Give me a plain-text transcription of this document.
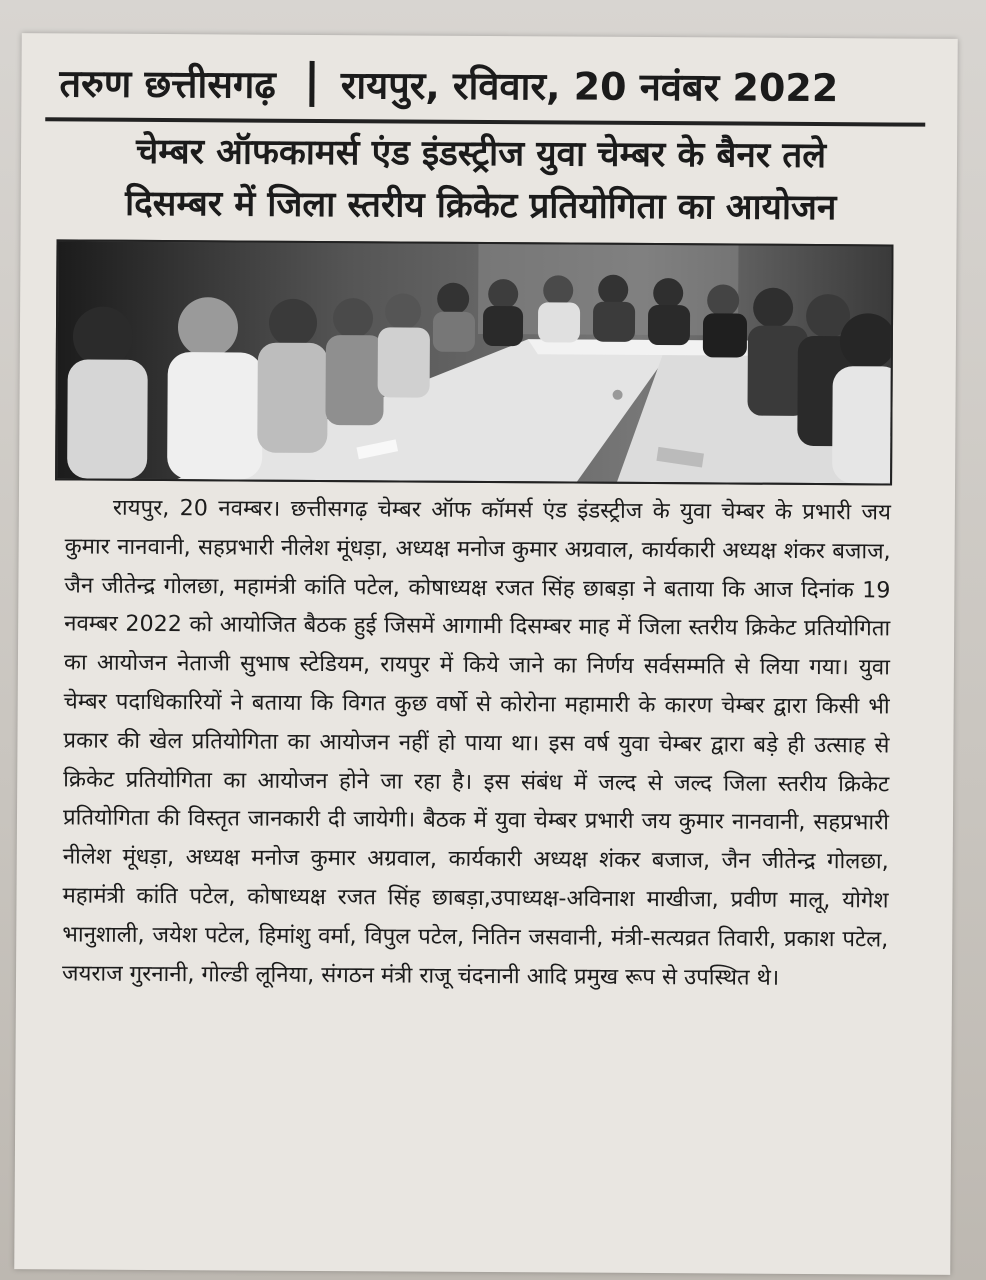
तरुण छत्तीसगढ़ रायपुर, रविवार, 20 नवंबर 2022
चेम्बर ऑफकामर्स एंड इंडस्ट्रीज युवा चेम्बर के बैनर तले
दिसम्बर में जिला स्तरीय क्रिकेट प्रतियोगिता का आयोजन
रायपुर, 20 नवम्बर। छत्तीसगढ़ चेम्बर ऑफ कॉमर्स एंड इंडस्ट्रीज के युवा चेम्बर के प्रभारी जय कुमार नानवानी, सहप्रभारी नीलेश मूंधड़ा, अध्यक्ष मनोज कुमार अग्रवाल, कार्यकारी अध्यक्ष शंकर बजाज, जैन जीतेन्द्र गोलछा, महामंत्री कांति पटेल, कोषाध्यक्ष रजत सिंह छाबड़ा ने बताया कि आज दिनांक 19 नवम्बर 2022 को आयोजित बैठक हुई जिसमें आगामी दिसम्बर माह में जिला स्तरीय क्रिकेट प्रतियोगिता का आयोजन नेताजी सुभाष स्टेडियम, रायपुर में किये जाने का निर्णय सर्वसम्मति से लिया गया। युवा चेम्बर पदाधिकारियों ने बताया कि विगत कुछ वर्षो से कोरोना महामारी के कारण चेम्बर द्वारा किसी भी प्रकार की खेल प्रतियोगिता का आयोजन नहीं हो पाया था। इस वर्ष युवा चेम्बर द्वारा बड़े ही उत्साह से क्रिकेट प्रतियोगिता का आयोजन होने जा रहा है। इस संबंध में जल्द से जल्द जिला स्तरीय क्रिकेट प्रतियोगिता की विस्तृत जानकारी दी जायेगी। बैठक में युवा चेम्बर प्रभारी जय कुमार नानवानी, सहप्रभारी नीलेश मूंधड़ा, अध्यक्ष मनोज कुमार अग्रवाल, कार्यकारी अध्यक्ष शंकर बजाज, जैन जीतेन्द्र गोलछा, महामंत्री कांति पटेल, कोषाध्यक्ष रजत सिंह छाबड़ा,उपाध्यक्ष-अविनाश माखीजा, प्रवीण मालू, योगेश भानुशाली, जयेश पटेल, हिमांशु वर्मा, विपुल पटेल, नितिन जसवानी, मंत्री-सत्यव्रत तिवारी, प्रकाश पटेल, जयराज गुरनानी, गोल्डी लूनिया, संगठन मंत्री राजू चंदनानी आदि प्रमुख रूप से उपस्थित थे।
